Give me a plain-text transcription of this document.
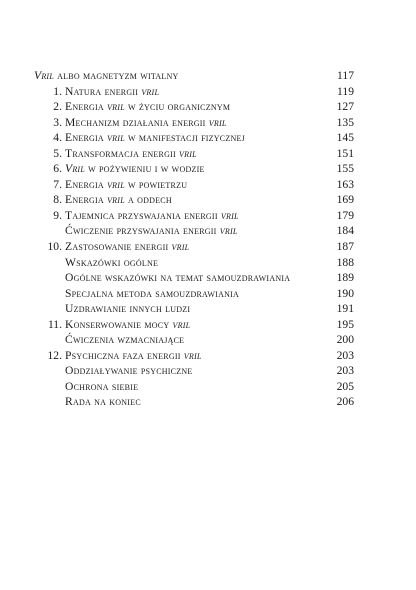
Vril albo magnetyzm witalny	117
1. Natura energii vril	119
2. Energia vril w życiu organicznym	127
3. Mechanizm działania energii vril	135
4. Energia vril w manifestacji fizycznej	145
5. Transformacja energii vril	151
6. Vril w pożywieniu i w wodzie	155
7. Energia vril w powietrzu	163
8. Energia vril a oddech	169
9. Tajemnica przyswajania energii vril	179
Ćwiczenie przyswajania energii vril	184
10. Zastosowanie energii vril	187
Wskazówki ogólne	188
Ogólne wskazówki na temat samouzdrawiania	189
Specjalna metoda samouzdrawiania	190
Uzdrawianie innych ludzi	191
11. Konserwowanie mocy vril	195
Ćwiczenia wzmacniające	200
12. Psychiczna faza energii vril	203
Oddziaływanie psychiczne	203
Ochrona siebie	205
Rada na koniec	206
